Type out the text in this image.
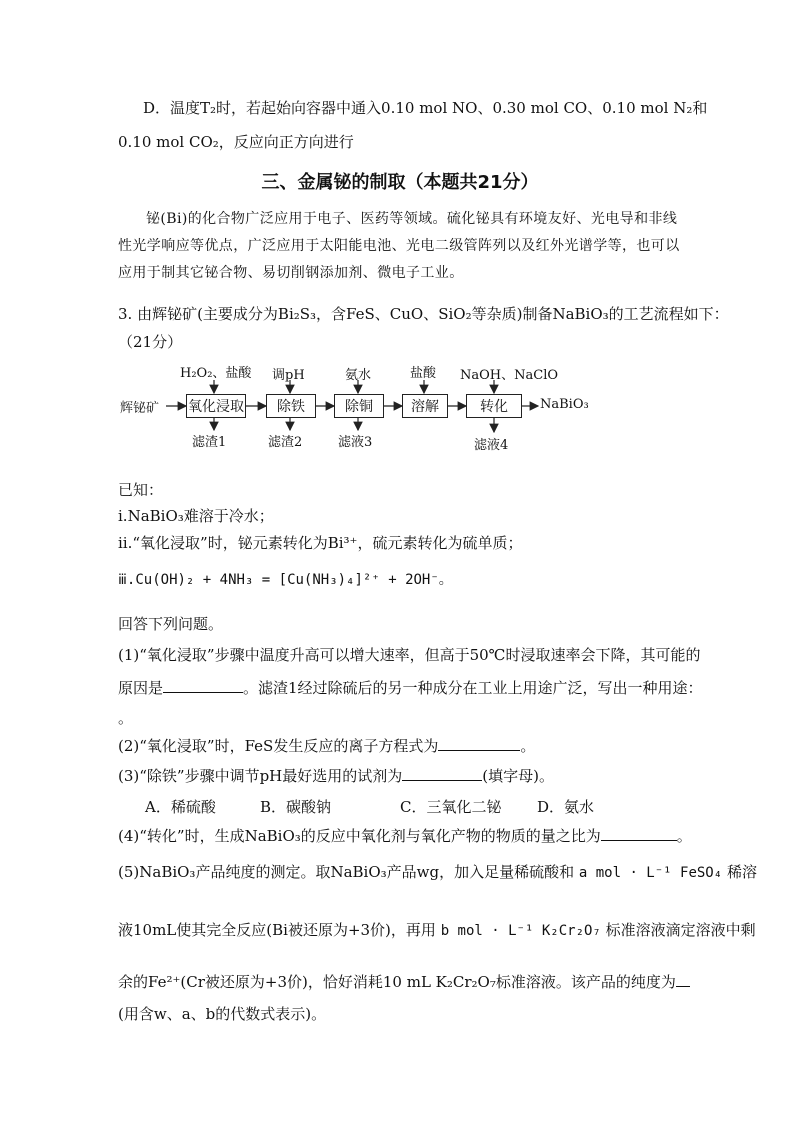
D．温度T₂时，若起始向容器中通入0.10 mol NO、0.30 mol CO、0.10 mol N₂和
0.10 mol CO₂，反应向正方向进行
三、金属铋的制取（本题共21分）
铋(Bi)的化合物广泛应用于电子、医药等领域。硫化铋具有环境友好、光电导和非线性光学响应等优点，广泛应用于太阳能电池、光电二级管阵列以及红外光谱学等，也可以应用于制其它铋合物、易切削钢添加剂、微电子工业。
3. 由辉铋矿(主要成分为Bi₂S₃，含FeS、CuO、SiO₂等杂质)制备NaBiO₃的工艺流程如下：
（21分）
辉铋矿 氧化浸取	除铁	除铜	溶解	转化	NaBiO₃
H₂O₂、盐酸 调pH	氨水	盐酸 NaOH、NaClO
滤渣1	滤渣2	滤液3	滤液4
已知：
ⅰ.NaBiO₃难溶于冷水；
ⅱ.“氧化浸取”时，铋元素转化为Bi³⁺，硫元素转化为硫单质；
ⅲ.Cu(OH)₂ + 4NH₃ = [Cu(NH₃)₄]²⁺ + 2OH⁻。
回答下列问题。
(1)“氧化浸取”步骤中温度升高可以增大速率，但高于50℃时浸取速率会下降，其可能的
原因是	。滤渣1经过除硫后的另一种成分在工业上用途广泛，写出一种用途：
。
(2)“氧化浸取”时，FeS发生反应的离子方程式为	。
(3)“除铁”步骤中调节pH最好选用的试剂为	(填字母)。
A．稀硫酸	B．碳酸钠	C．三氧化二铋 D．氨水
(4)“转化”时，生成NaBiO₃的反应中氧化剂与氧化产物的物质的量之比为	。
(5)NaBiO₃产品纯度的测定。取NaBiO₃产品wg，加入足量稀硫酸和 a mol · L⁻¹ FeSO₄ 稀溶
液10mL使其完全反应(Bi被还原为+3价)，再用 b mol · L⁻¹ K₂Cr₂O₇ 标准溶液滴定溶液中剩
余的Fe²⁺(Cr被还原为+3价)，恰好消耗10 mL K₂Cr₂O₇标准溶液。该产品的纯度为
(用含w、a、b的代数式表示)。
